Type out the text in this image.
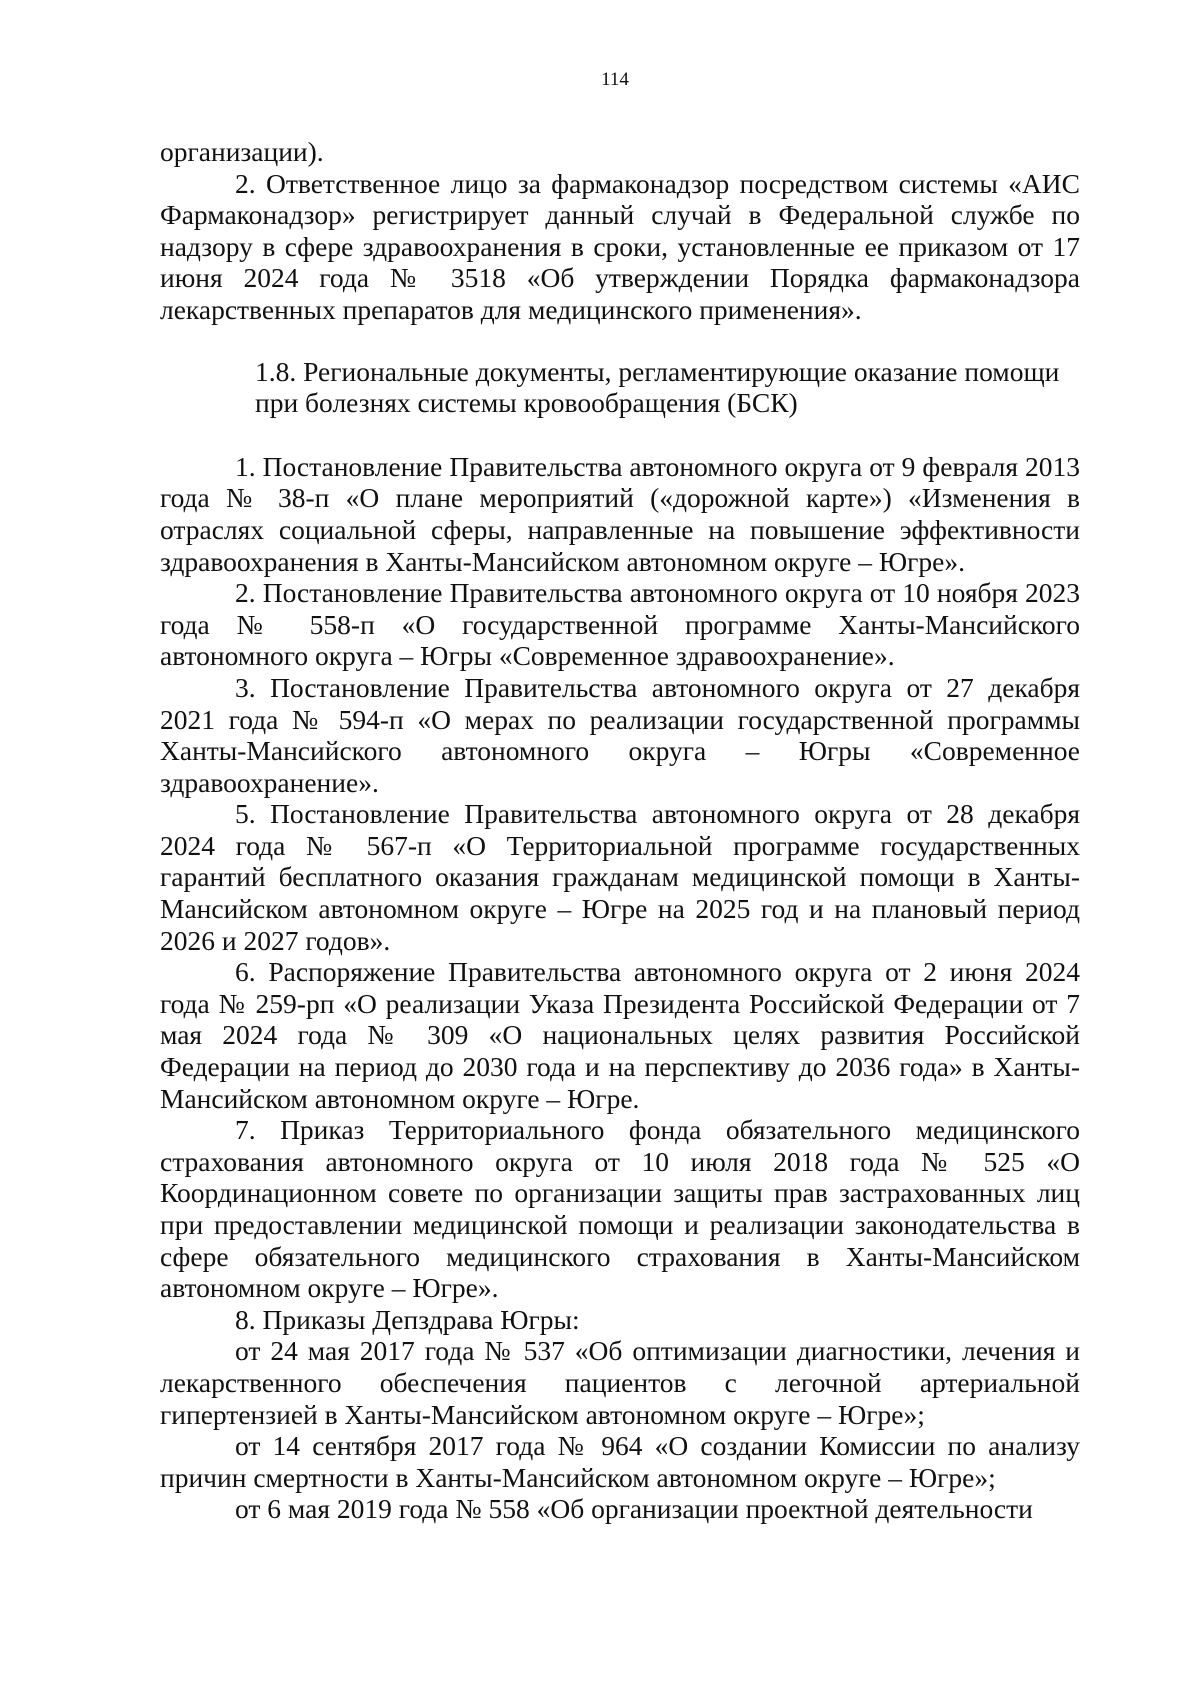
114

организации).

2. Ответственное лицо за фармаконадзор посредством системы «АИС Фармаконадзор» регистрирует данный случай в Федеральной службе по надзору в сфере здравоохранения в сроки, установленные ее приказом от 17 июня 2024 года № 3518 «Об утверждении Порядка фармаконадзора лекарственных препаратов для медицинского применения».

1.8. Региональные документы, регламентирующие оказание помощи

при болезнях системы кровообращения (БСК)

1. Постановление Правительства автономного округа от 9 февраля 2013 года № 38-п «О плане мероприятий («дорожной карте») «Изменения в отраслях социальной сферы, направленные на повышение эффективности здравоохранения в Ханты-Мансийском автономном округе – Югре».

2. Постановление Правительства автономного округа от 10 ноября 2023 года № 558-п «О государственной программе Ханты-Мансийского автономного округа – Югры «Современное здравоохранение».

3. Постановление Правительства автономного округа от 27 декабря 2021 года № 594-п «О мерах по реализации государственной программы Ханты-Мансийского автономного округа – Югры «Современное здравоохранение».

5. Постановление Правительства автономного округа от 28 декабря 2024 года № 567-п «О Территориальной программе государственных гарантий бесплатного оказания гражданам медицинской помощи в Ханты-Мансийском автономном округе – Югре на 2025 год и на плановый период 2026 и 2027 годов».

6. Распоряжение Правительства автономного округа от 2 июня 2024 года № 259-рп «О реализации Указа Президента Российской Федерации от 7 мая 2024 года № 309 «О национальных целях развития Российской Федерации на период до 2030 года и на перспективу до 2036 года» в Ханты-Мансийском автономном округе – Югре.

7. Приказ Территориального фонда обязательного медицинского страхования автономного округа от 10 июля 2018 года № 525 «О Координационном совете по организации защиты прав застрахованных лиц при предоставлении медицинской помощи и реализации законодательства в сфере обязательного медицинского страхования в Ханты-Мансийском автономном округе – Югре».

8. Приказы Депздрава Югры:

от 24 мая 2017 года № 537 «Об оптимизации диагностики, лечения и лекарственного обеспечения пациентов с легочной артериальной гипертензией в Ханты-Мансийском автономном округе – Югре»;

от 14 сентября 2017 года № 964 «О создании Комиссии по анализу причин смертности в Ханты-Мансийском автономном округе – Югре»;

от 6 мая 2019 года № 558 «Об организации проектной деятельности
